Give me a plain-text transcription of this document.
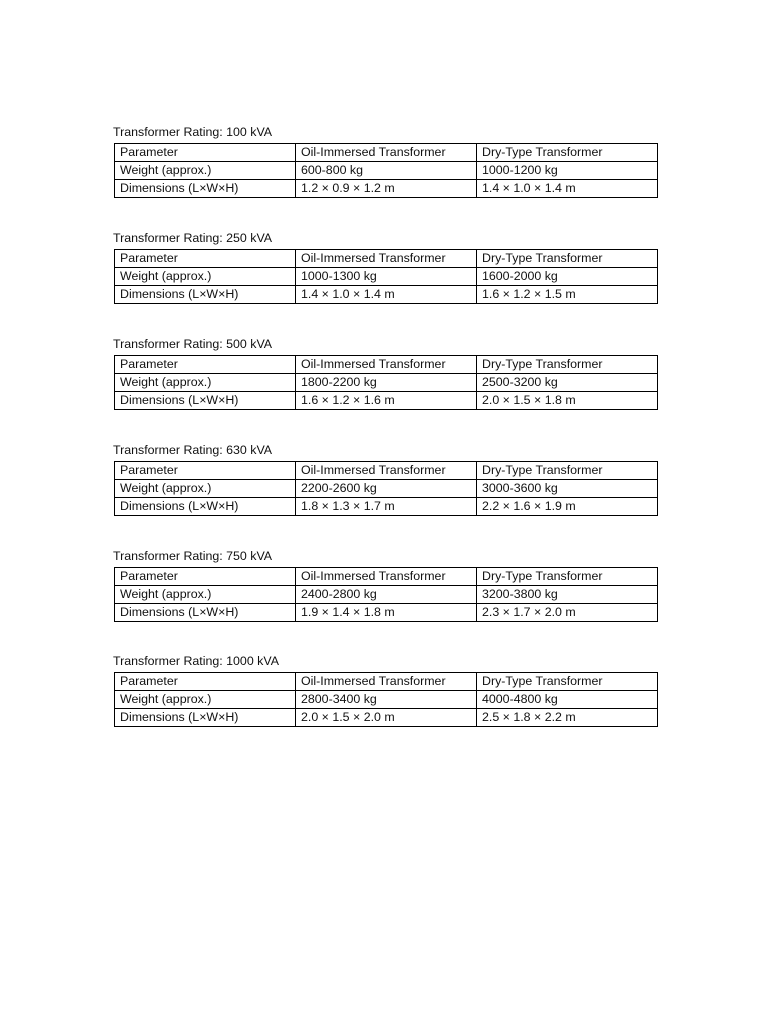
Transformer Rating: 100 kVA
Parameter	Oil-Immersed Transformer	Dry-Type Transformer
Weight (approx.)	600-800 kg	1000-1200 kg
Dimensions (L×W×H)	1.2 × 0.9 × 1.2 m	1.4 × 1.0 × 1.4 m
Transformer Rating: 250 kVA
Parameter	Oil-Immersed Transformer	Dry-Type Transformer
Weight (approx.)	1000-1300 kg	1600-2000 kg
Dimensions (L×W×H)	1.4 × 1.0 × 1.4 m	1.6 × 1.2 × 1.5 m
Transformer Rating: 500 kVA
Parameter	Oil-Immersed Transformer	Dry-Type Transformer
Weight (approx.)	1800-2200 kg	2500-3200 kg
Dimensions (L×W×H)	1.6 × 1.2 × 1.6 m	2.0 × 1.5 × 1.8 m
Transformer Rating: 630 kVA
Parameter	Oil-Immersed Transformer	Dry-Type Transformer
Weight (approx.)	2200-2600 kg	3000-3600 kg
Dimensions (L×W×H)	1.8 × 1.3 × 1.7 m	2.2 × 1.6 × 1.9 m
Transformer Rating: 750 kVA
Parameter	Oil-Immersed Transformer	Dry-Type Transformer
Weight (approx.)	2400-2800 kg	3200-3800 kg
Dimensions (L×W×H)	1.9 × 1.4 × 1.8 m	2.3 × 1.7 × 2.0 m
Transformer Rating: 1000 kVA
Parameter	Oil-Immersed Transformer	Dry-Type Transformer
Weight (approx.)	2800-3400 kg	4000-4800 kg
Dimensions (L×W×H)	2.0 × 1.5 × 2.0 m	2.5 × 1.8 × 2.2 m
